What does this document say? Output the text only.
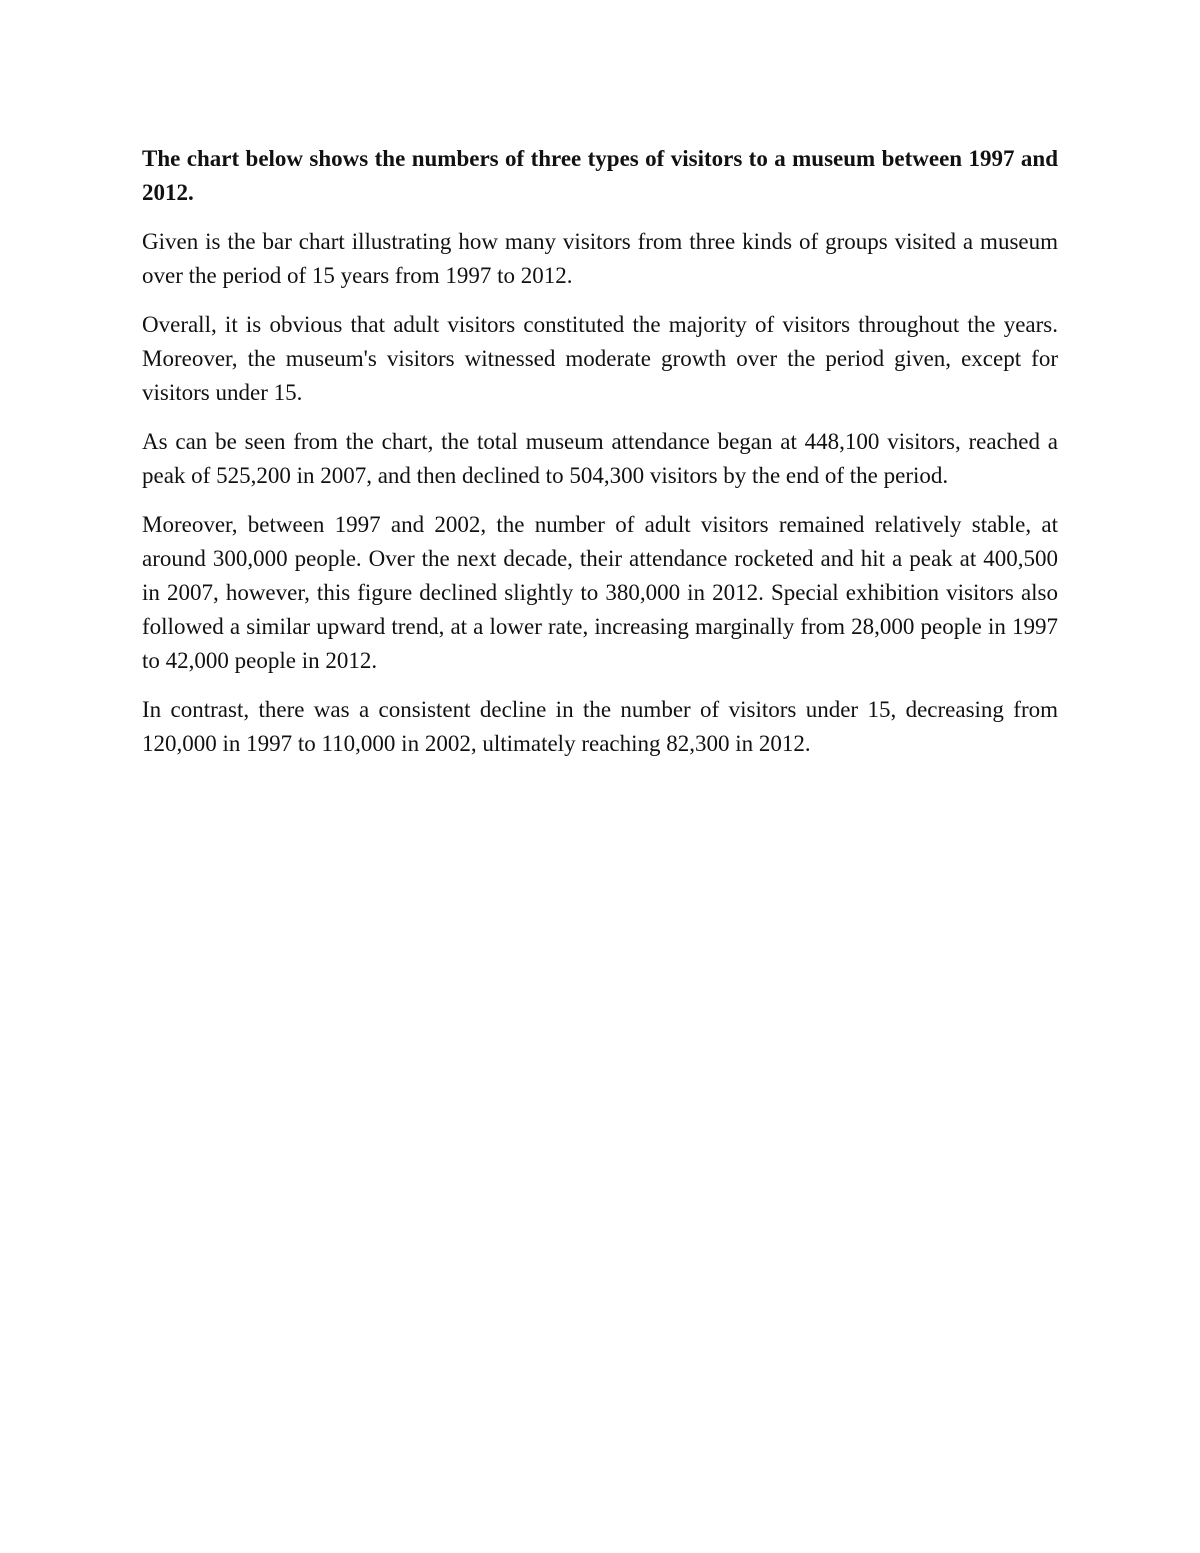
The chart below shows the numbers of three types of visitors to a museum between 1997 and 2012.

Given is the bar chart illustrating how many visitors from three kinds of groups visited a museum over the period of 15 years from 1997 to 2012.

Overall, it is obvious that adult visitors constituted the majority of visitors throughout the years. Moreover, the museum's visitors witnessed moderate growth over the period given, except for visitors under 15.

As can be seen from the chart, the total museum attendance began at 448,100 visitors, reached a peak of 525,200 in 2007, and then declined to 504,300 visitors by the end of the period.

Moreover, between 1997 and 2002, the number of adult visitors remained relatively stable, at around 300,000 people. Over the next decade, their attendance rocketed and hit a peak at 400,500 in 2007, however, this figure declined slightly to 380,000 in 2012. Special exhibition visitors also followed a similar upward trend, at a lower rate, increasing marginally from 28,000 people in 1997 to 42,000 people in 2012.

In contrast, there was a consistent decline in the number of visitors under 15, decreasing from 120,000 in 1997 to 110,000 in 2002, ultimately reaching 82,300 in 2012.
